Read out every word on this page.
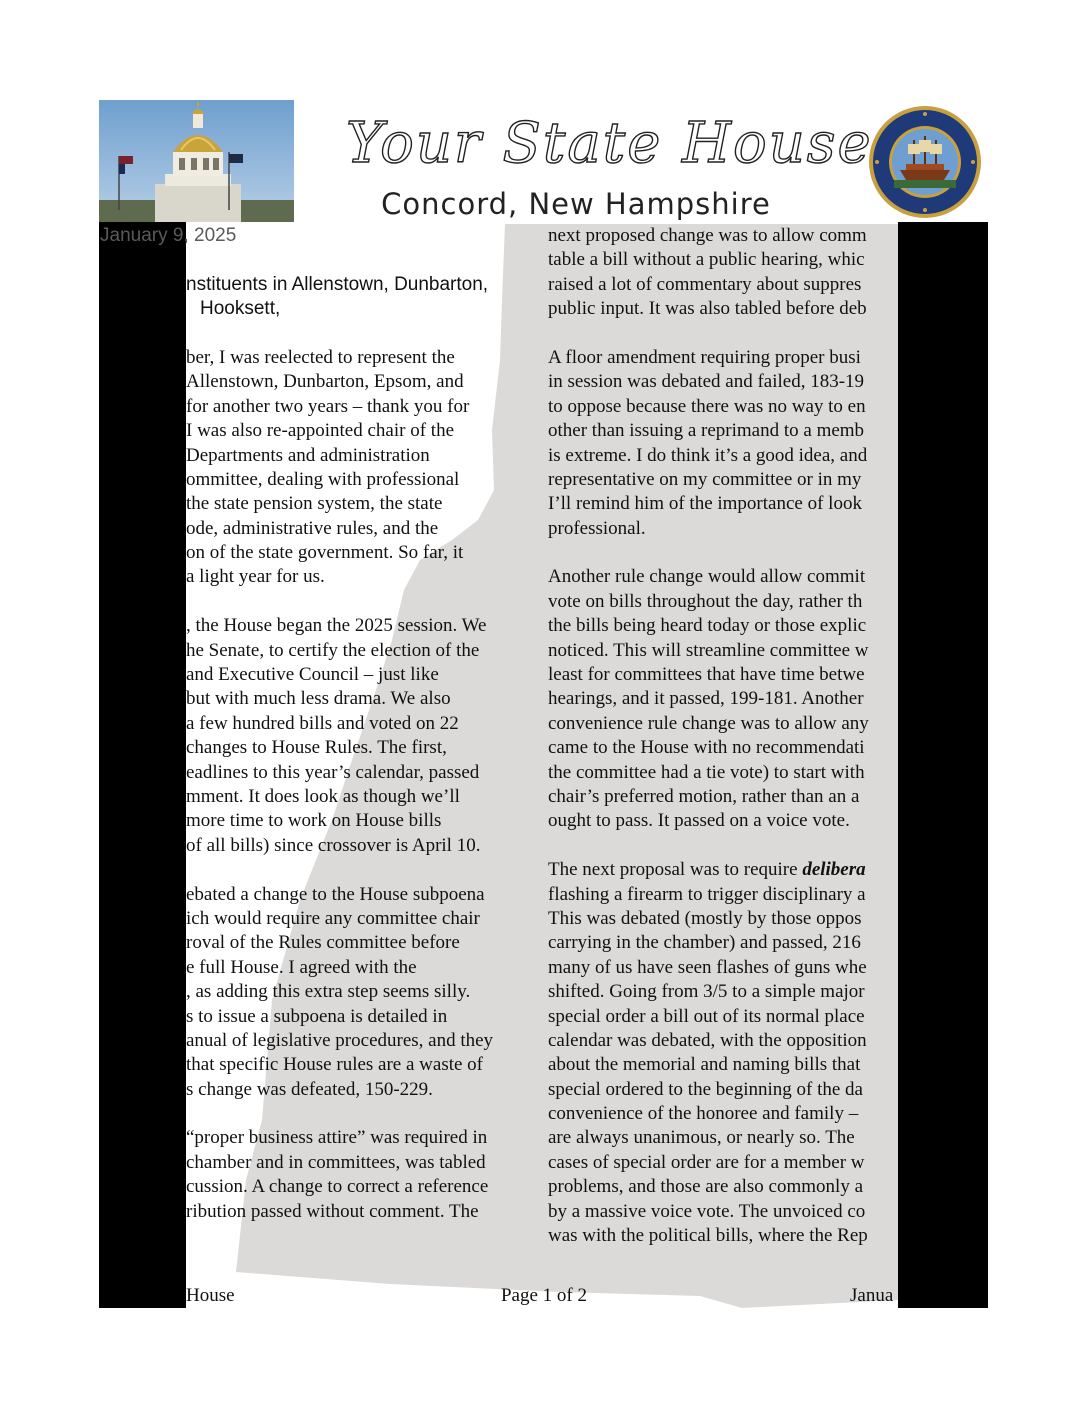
Your State House
Concord, New Hampshire
January 9, 2025
nstituents in Allenstown, Dunbarton,
Hooksett,
ber, I was reelected to represent the
Allenstown, Dunbarton, Epsom, and
for another two years – thank you for
I was also re-appointed chair of the
Departments and administration
ommittee, dealing with professional
the state pension system, the state
ode, administrative rules, and the
on of the state government. So far, it
a light year for us.
, the House began the 2025 session. We
he Senate, to certify the election of the
and Executive Council – just like
but with much less drama. We also
a few hundred bills and voted on 22
changes to House Rules. The first,
eadlines to this year’s calendar, passed
mment. It does look as though we’ll
more time to work on House bills
of all bills) since crossover is April 10.
ebated a change to the House subpoena
ich would require any committee chair
roval of the Rules committee before
e full House. I agreed with the
, as adding this extra step seems silly.
s to issue a subpoena is detailed in
anual of legislative procedures, and they
that specific House rules are a waste of
s change was defeated, 150-229.
“proper business attire” was required in
chamber and in committees, was tabled
cussion. A change to correct a reference
ribution passed without comment. The
next proposed change was to allow comm
table a bill without a public hearing, whic
raised a lot of commentary about suppres
public input. It was also tabled before deb
A floor amendment requiring proper busi
in session was debated and failed, 183-19
to oppose because there was no way to en
other than issuing a reprimand to a memb
is extreme. I do think it’s a good idea, and
representative on my committee or in my
I’ll remind him of the importance of look
professional.
Another rule change would allow commit
vote on bills throughout the day, rather th
the bills being heard today or those explic
noticed. This will streamline committee w
least for committees that have time betwe
hearings, and it passed, 199-181. Another
convenience rule change was to allow any
came to the House with no recommendati
the committee had a tie vote) to start with
chair’s preferred motion, rather than an a
ought to pass. It passed on a voice vote.
The next proposal was to require delibera
flashing a firearm to trigger disciplinary a
This was debated (mostly by those oppos
carrying in the chamber) and passed, 216
many of us have seen flashes of guns whe
shifted. Going from 3/5 to a simple major
special order a bill out of its normal place
calendar was debated, with the opposition
about the memorial and naming bills that
special ordered to the beginning of the da
convenience of the honoree and family –
are always unanimous, or nearly so. The
cases of special order are for a member w
problems, and those are also commonly a
by a massive voice vote. The unvoiced co
was with the political bills, where the Rep
House	Page 1 of 2	Janua
